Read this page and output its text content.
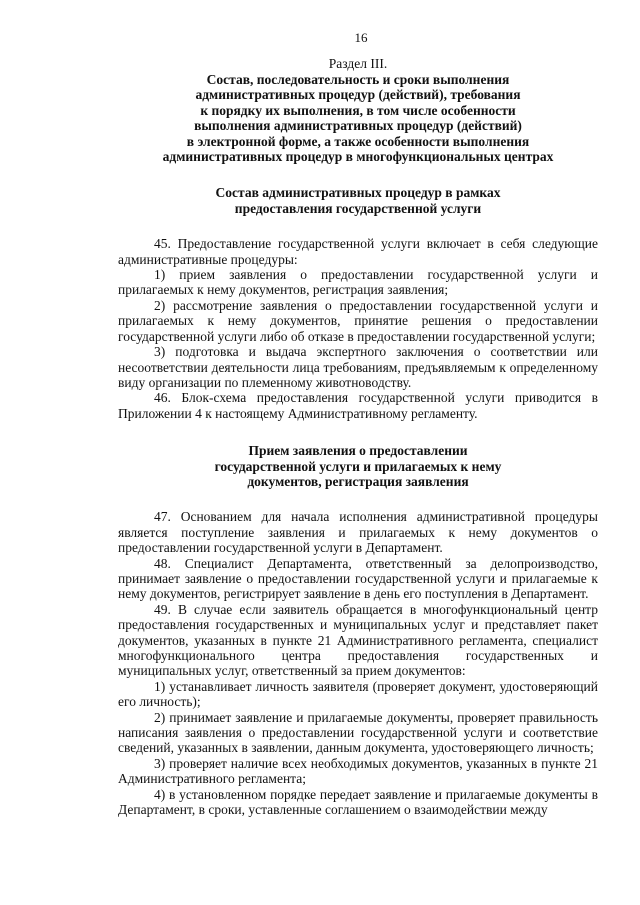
16
Раздел III.
Состав, последовательность и сроки выполнения
административных процедур (действий), требования
к порядку их выполнения, в том числе особенности
выполнения административных процедур (действий)
в электронной форме, а также особенности выполнения
административных процедур в многофункциональных центрах
Состав административных процедур в рамках
предоставления государственной услуги

45. Предоставление государственной услуги включает в себя следующие административные процедуры:

1) прием заявления о предоставлении государственной услуги и прилагаемых к нему документов, регистрация заявления;

2) рассмотрение заявления о предоставлении государственной услуги и прилагаемых к нему документов, принятие решения о предоставлении государственной услуги либо об отказе в предоставлении государственной услуги;

3) подготовка и выдача экспертного заключения о соответствии или несоответствии деятельности лица требованиям, предъявляемым к определенному виду организации по племенному животноводству.

46. Блок-схема предоставления государственной услуги приводится в Приложении 4 к настоящему Административному регламенту.

Прием заявления о предоставлении
государственной услуги и прилагаемых к нему
документов, регистрация заявления

47. Основанием для начала исполнения административной процедуры является поступление заявления и прилагаемых к нему документов о предоставлении государственной услуги в Департамент.

48. Специалист Департамента, ответственный за делопроизводство, принимает заявление о предоставлении государственной услуги и прилагаемые к нему документов, регистрирует заявление в день его поступления в Департамент.

49. В случае если заявитель обращается в многофункциональный центр предоставления государственных и муниципальных услуг и представляет пакет документов, указанных в пункте 21 Административного регламента, специалист многофункционального центра предоставления государственных и муниципальных услуг, ответственный за прием документов:

1) устанавливает личность заявителя (проверяет документ, удостоверяющий его личность);

2) принимает заявление и прилагаемые документы, проверяет правильность написания заявления о предоставлении государственной услуги и соответствие сведений, указанных в заявлении, данным документа, удостоверяющего личность;

3) проверяет наличие всех необходимых документов, указанных в пункте 21 Административного регламента;

4) в установленном порядке передает заявление и прилагаемые документы в Департамент, в сроки, уставленные соглашением о взаимодействии между
